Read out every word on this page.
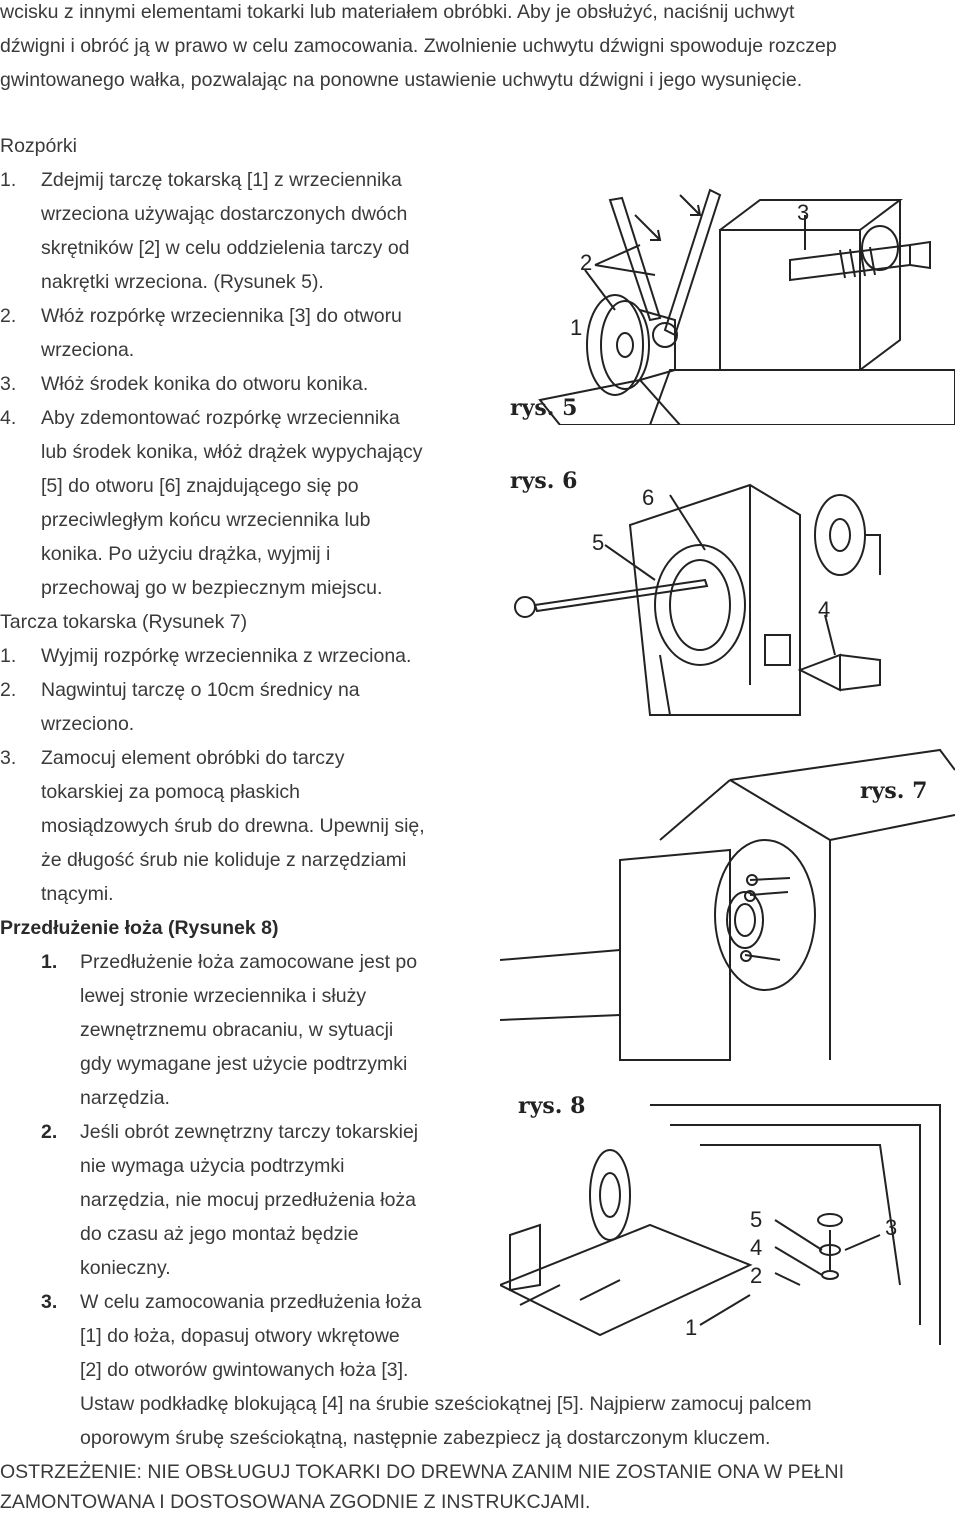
wcisku z innymi elementami tokarki lub materiałem obróbki. Aby je obsłużyć, naciśnij uchwyt
dźwigni i obróć ją w prawo w celu zamocowania. Zwolnienie uchwytu dźwigni spowoduje rozczep
gwintowanego wałka, pozwalając na ponowne ustawienie uchwytu dźwigni i jego wysunięcie.
Rozpórki
1. Zdejmij tarczę tokarską [1] z wrzeciennika
wrzeciona używając dostarczonych dwóch
skrętników [2] w celu oddzielenia tarczy od
nakrętki wrzeciona. (Rysunek 5).
2. Włóż rozpórkę wrzeciennika [3] do otworu
wrzeciona.
3. Włóż środek konika do otworu konika.
4. Aby zdemontować rozpórkę wrzeciennika
lub środek konika, włóż drążek wypychający
[5] do otworu [6] znajdującego się po
przeciwległym końcu wrzeciennika lub
konika. Po użyciu drążka, wyjmij i
przechowaj go w bezpiecznym miejscu.
Tarcza tokarska (Rysunek 7)
1. Wyjmij rozpórkę wrzeciennika z wrzeciona.
2. Nagwintuj tarczę o 10cm średnicy na
wrzeciono.
3. Zamocuj element obróbki do tarczy
tokarskiej za pomocą płaskich
mosiądzowych śrub do drewna. Upewnij się,
że długość śrub nie koliduje z narzędziami
tnącymi.
Przedłużenie łoża (Rysunek 8)
1. Przedłużenie łoża zamocowane jest po
lewej stronie wrzeciennika i służy
zewnętrznemu obracaniu, w sytuacji
gdy wymagane jest użycie podtrzymki
narzędzia.
2. Jeśli obrót zewnętrzny tarczy tokarskiej
nie wymaga użycia podtrzymki
narzędzia, nie mocuj przedłużenia łoża
do czasu aż jego montaż będzie
konieczny.
3. W celu zamocowania przedłużenia łoża
[1] do łoża, dopasuj otwory wkrętowe
[2] do otworów gwintowanych łoża [3].
Ustaw podkładkę blokującą [4] na śrubie sześciokątnej [5]. Najpierw zamocuj palcem
oporowym śrubę sześciokątną, następnie zabezpiecz ją dostarczonym kluczem.
OSTRZEŻENIE: NIE OBSŁUGUJ TOKARKI DO DREWNA ZANIM NIE ZOSTANIE ONA W PEŁNI
ZAMONTOWANA I DOSTOSOWANA ZGODNIE Z INSTRUKCJAMI.
1
2
3
rys. 5
5
6
4
rys. 6
rys. 7
5
4
2
3
1
rys. 8
